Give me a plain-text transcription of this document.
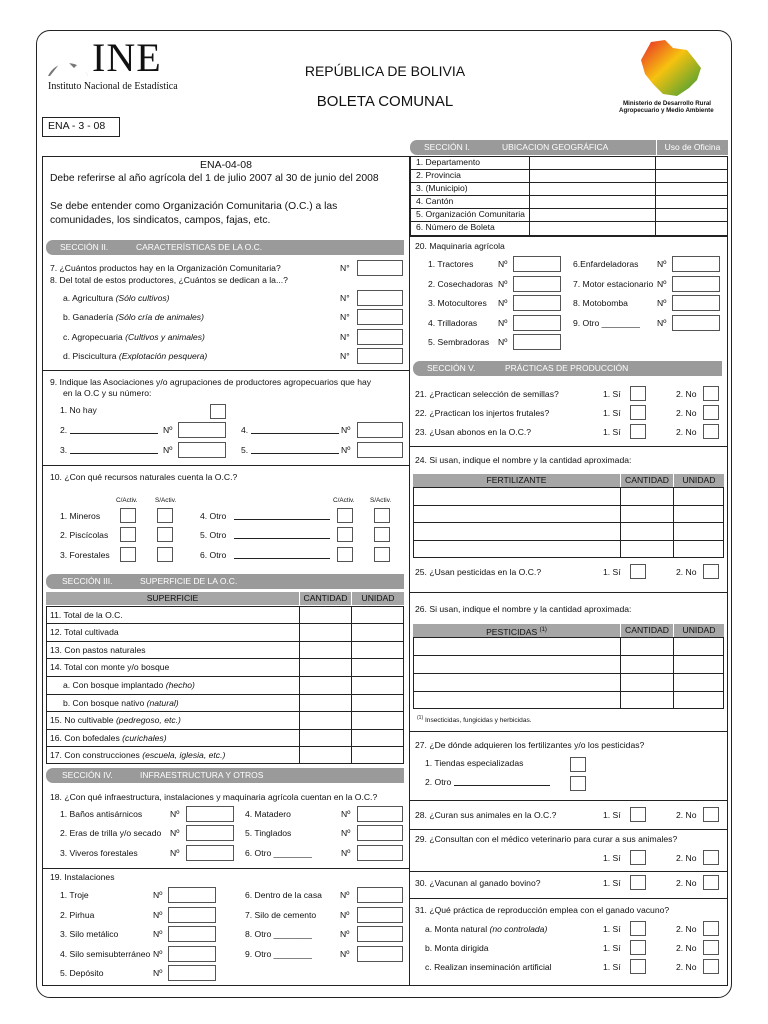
INE
Instituto Nacional de Estadística
REPÚBLICA DE BOLIVIA
BOLETA COMUNAL	Ministerio de Desarrollo Rural
Agropecuario y Medio Ambiente
ENA - 3 - 08
SECCIÓN I.	UBICACION GEOGRÁFICA	Uso de Oficina
1. Departamento
2. Provincia
3. (Municipio)
4. Cantón
5. Organización Comunitaria
6. Número de Boleta
ENA-04-08
Debe referirse al año agrícola del 1 de julio 2007 al 30 de junio del 2008
Se debe entender como Organización Comunitaria (O.C.) a las
comunidades, los sindicatos, campos, fajas, etc.
SECCIÓN II.	CARACTERÍSTICAS DE LA O.C.
7. ¿Cuántos productos hay en la Organización Comunitaria?	N°
8. Del total de estos productores, ¿Cuántos se dedican a la...?
a. Agricultura (Sólo cultivos)	N°
b. Ganadería (Sólo cría de animales)	N°
c. Agropecuaria (Cultivos y animales)	N°
d. Piscicultura (Explotación pesquera)	N°
9. Indique las Asociaciones y/o agrupaciones de productores agropecuarios que hay
en la O.C y su número:
1. No hay
2.	Nº	4.	Nº
3.	Nº	5.	Nº
10. ¿Con qué recursos naturales cuenta la O.C.?
C/Activ.	S/Activ.	C/Activ. S/Activ.
1. Mineros	4. Otro
2. Piscícolas	5. Otro
3. Forestales	6. Otro
SECCIÓN III.	SUPERFICIE DE LA O.C.
SUPERFICIE	CANTIDAD	UNIDAD
11. Total de la O.C.
12. Total cultivada
13. Con pastos naturales
14. Total con monte y/o bosque
a. Con bosque implantado (hecho)
b. Con bosque nativo (natural)
15. No cultivable (pedregoso, etc.)
16. Con bofedales (curichales)
17. Con construcciones (escuela, iglesia, etc.)
SECCIÓN IV.	INFRAESTRUCTURA Y OTROS
18. ¿Con qué infraestructura, instalaciones y maquinaria agrícola cuentan en la O.C.?
1. Baños antisárnicos	Nº	4. Matadero	Nº
2. Eras de trilla y/o secado Nº	5. Tinglados	Nº
3. Viveros forestales	Nº	6. Otro ________	Nº
19. Instalaciones
1. Troje	Nº	6. Dentro de la casa Nº
2. Pirhua	Nº	7. Silo de cemento	Nº
3. Silo metálico	Nº	8. Otro ________	Nº
4. Silo semisubterráneo Nº	9. Otro ________	Nº
5. Depósito	Nº
20. Maquinaria agrícola
1. Tractores	Nº	6.Enfardeladoras Nº
2. Cosechadoras Nº	7. Motor estacionario Nº
3. Motocultores Nº	8. Motobomba	Nº
4. Trilladoras Nº	9. Otro ________ Nº
5. Sembradoras Nº
SECCIÓN V.	PRÁCTICAS DE PRODUCCIÓN
21. ¿Practican selección de semillas?	1. Sí	2. No
22. ¿Practican los injertos frutales?	1. Sí	2. No
23. ¿Usan abonos en la O.C.?	1. Sí	2. No
24. Si usan, indique el nombre y la cantidad aproximada:
FERTILIZANTE	CANTIDAD	UNIDAD
25. ¿Usan pesticidas en la O.C.?	1. Sí	2. No
26. Si usan, indique el nombre y la cantidad aproximada:
PESTICIDAS $^{(1)}$	CANTIDAD	UNIDAD
$^{(1)}$ Insecticidas, fungicidas y herbicidas.
27. ¿De dónde adquieren los fertilizantes y/o los pesticidas?
1. Tiendas especializadas
2. Otro
28. ¿Curan sus animales en la O.C.?	1. Sí	2. No
29. ¿Consultan con el médico veterinario para curar a sus animales?
1. Sí	2. No
30. ¿Vacunan al ganado bovino?	1. Sí	2. No
31. ¿Qué práctica de reproducción emplea con el ganado vacuno?
a. Monta natural (no controlada)	1. Sí	2. No
b. Monta dirigida	1. Sí	2. No
c. Realizan inseminación artificial	1. Sí	2. No
